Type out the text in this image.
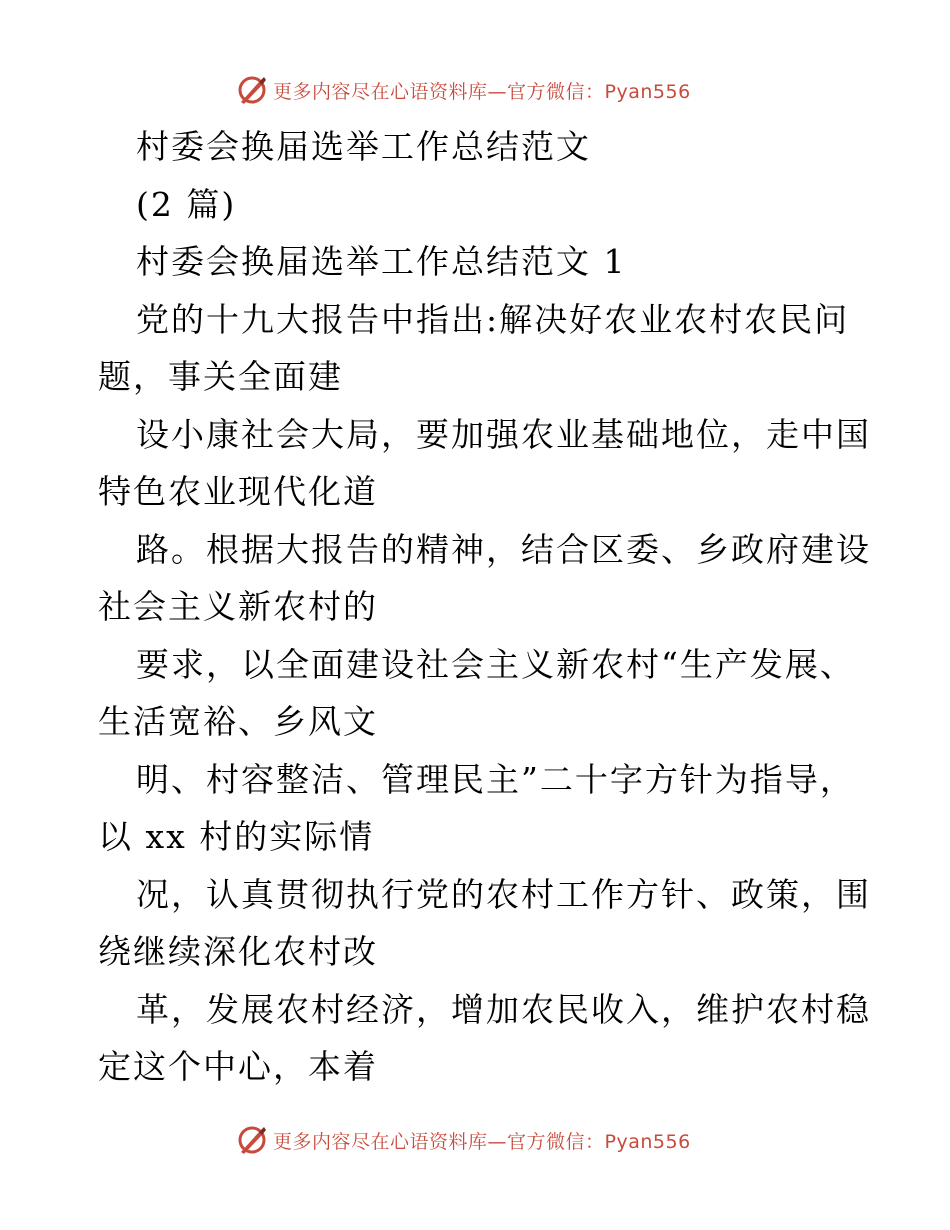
更多内容尽在心语资料库—官方微信：Pyan556
村委会换届选举工作总结范文
(2 篇)
村委会换届选举工作总结范文 1
党的十九大报告中指出:解决好农业农村农民问
题，事关全面建
设小康社会大局，要加强农业基础地位，走中国
特色农业现代化道
路。根据大报告的精神，结合区委、乡政府建设
社会主义新农村的
要求，以全面建设社会主义新农村“生产发展、
生活宽裕、乡风文
明、村容整洁、管理民主”二十字方针为指导，
以 xx 村的实际情
况，认真贯彻执行党的农村工作方针、政策，围
绕继续深化农村改
革，发展农村经济，增加农民收入，维护农村稳
定这个中心，本着
更多内容尽在心语资料库—官方微信：Pyan556
